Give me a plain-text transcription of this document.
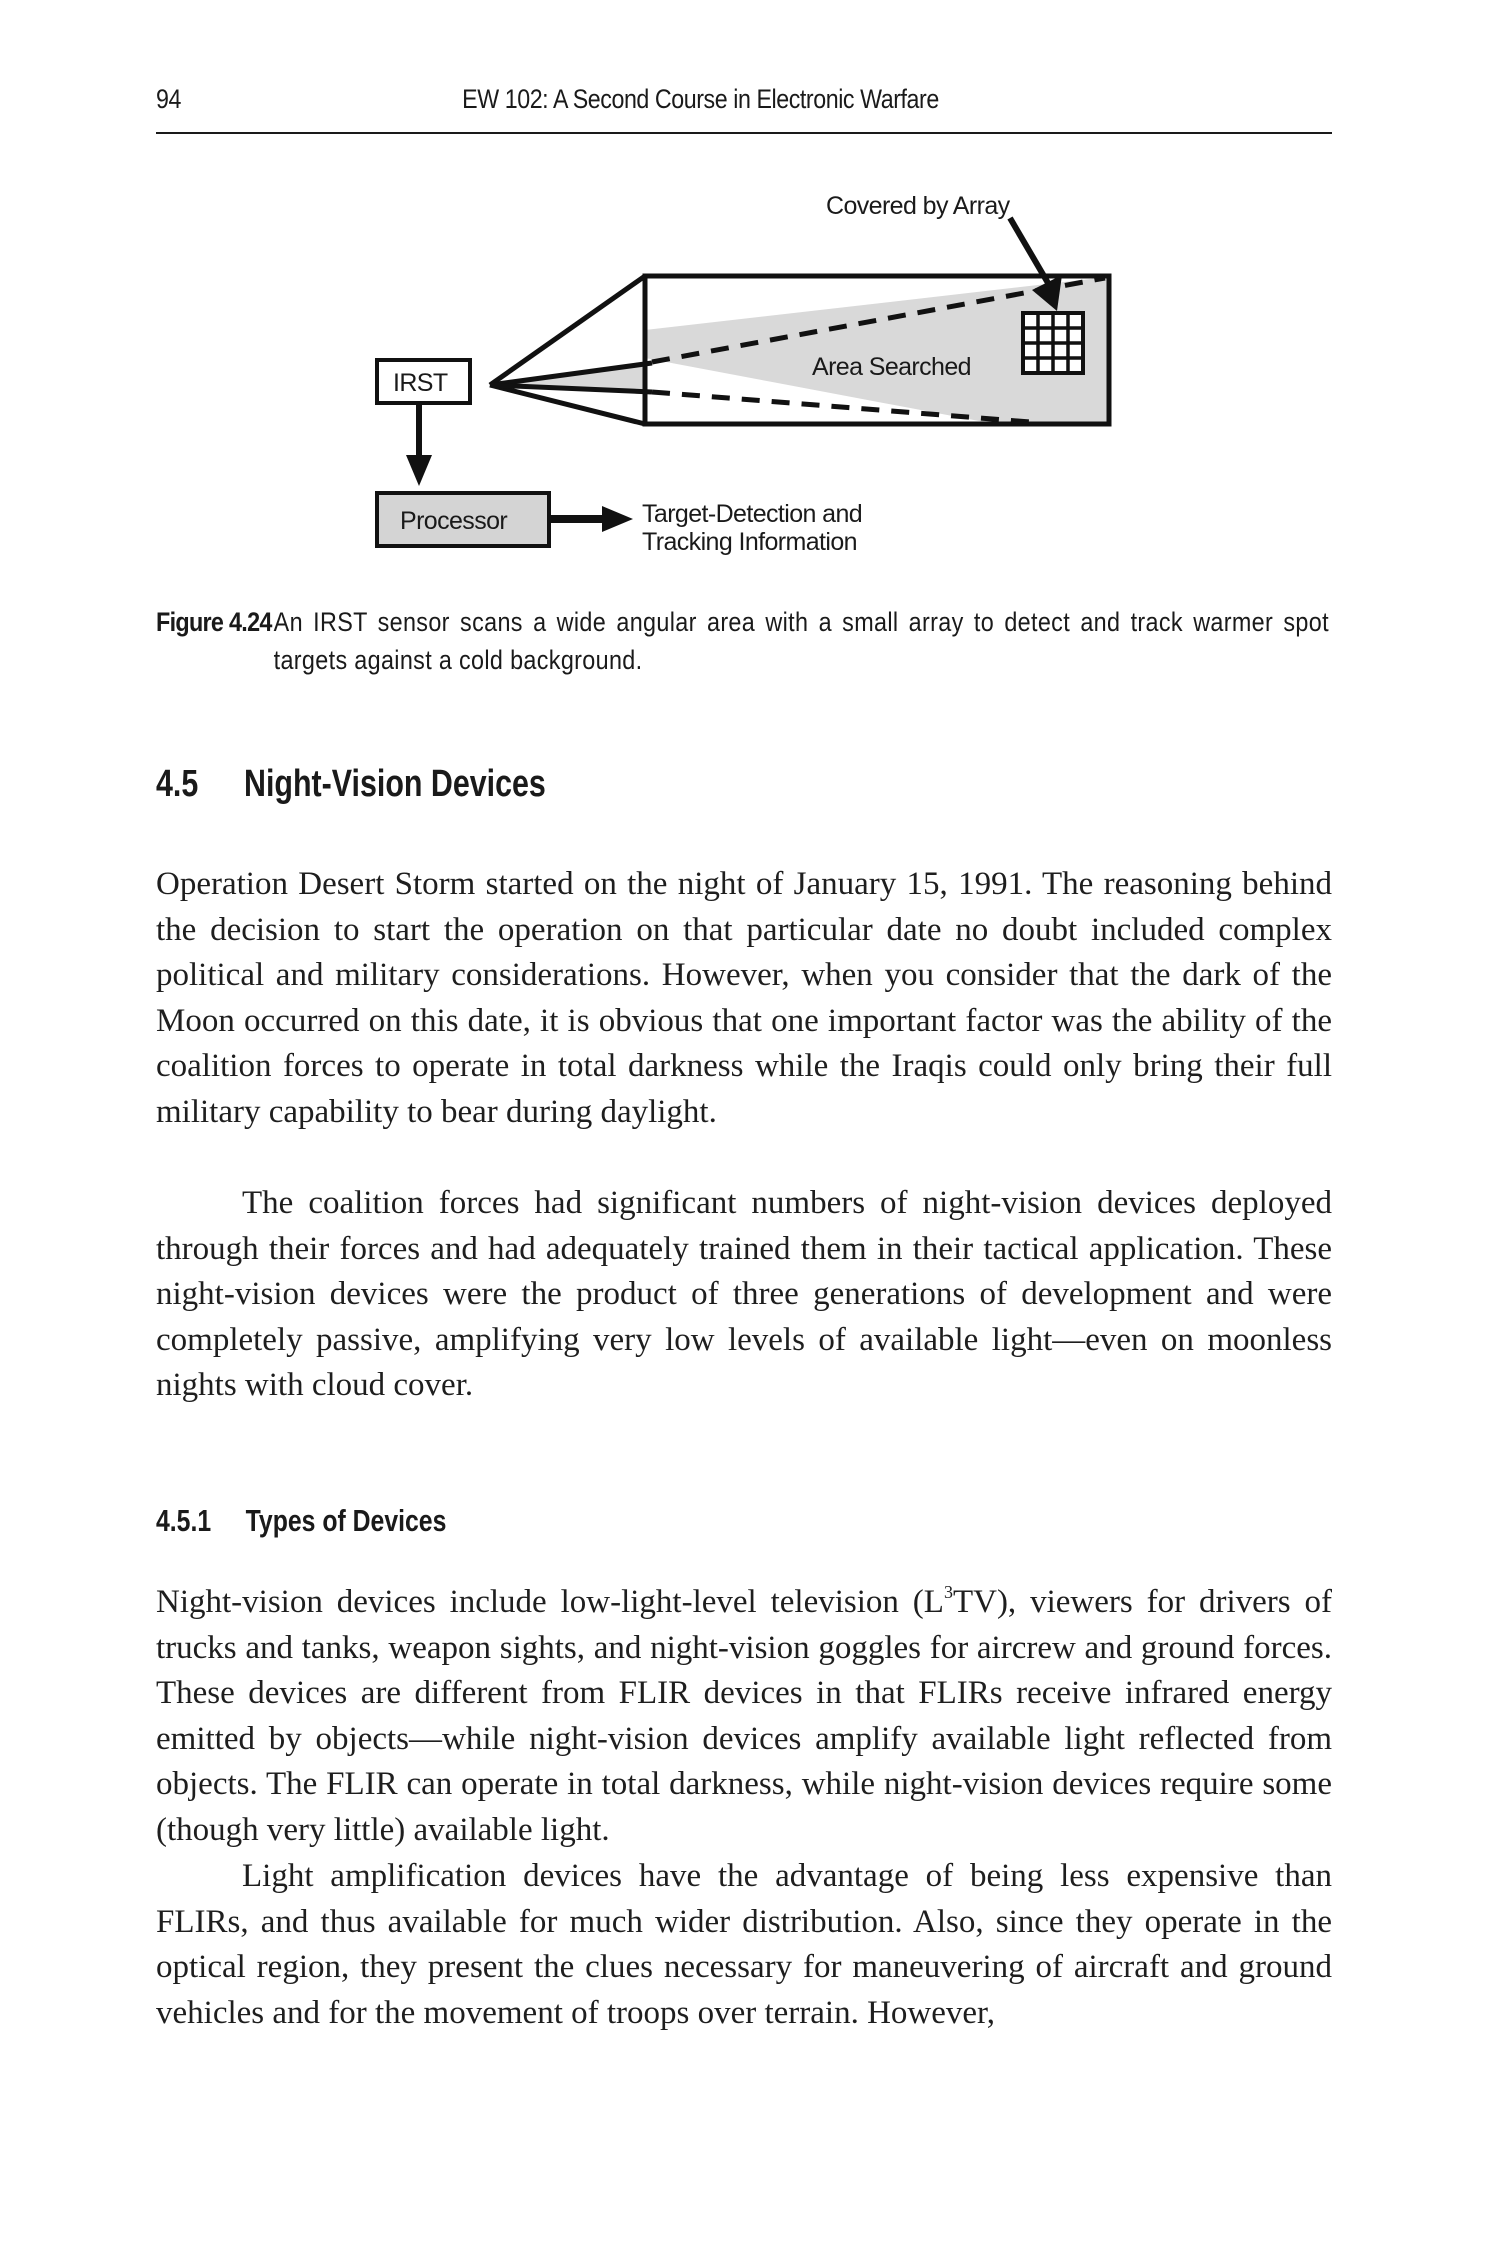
94	EW 102: A Second Course in Electronic Warfare
Covered by Array
Area Searched
IRST
Processor	Target-Detection and
Tracking Information
Figure 4.24 An IRST sensor scans a wide angular area with a small array to detect and track warmer spot targets against a cold background.
4.5 Night-Vision Devices

Operation Desert Storm started on the night of January 15, 1991. The reasoning behind the decision to start the operation on that particular date no doubt included complex political and military considerations. However, when you consider that the dark of the Moon occurred on this date, it is obvious that one important factor was the ability of the coalition forces to operate in total darkness while the Iraqis could only bring their full military capability to bear during daylight.

The coalition forces had significant numbers of night-vision devices deployed through their forces and had adequately trained them in their tactical application. These night-vision devices were the product of three generations of development and were completely passive, amplifying very low levels of available light—even on moonless nights with cloud cover.

4.5.1 Types of Devices

Night-vision devices include low-light-level television $(L^3TV)$, viewers for drivers of trucks and tanks, weapon sights, and night-vision goggles for aircrew and ground forces. These devices are different from FLIR devices in that FLIRs receive infrared energy emitted by objects—while night-vision devices amplify available light reflected from objects. The FLIR can operate in total darkness, while night-vision devices require some (though very little) available light.

Light amplification devices have the advantage of being less expensive than FLIRs, and thus available for much wider distribution. Also, since they operate in the optical region, they present the clues necessary for maneuvering of aircraft and ground vehicles and for the movement of troops over terrain. However,
